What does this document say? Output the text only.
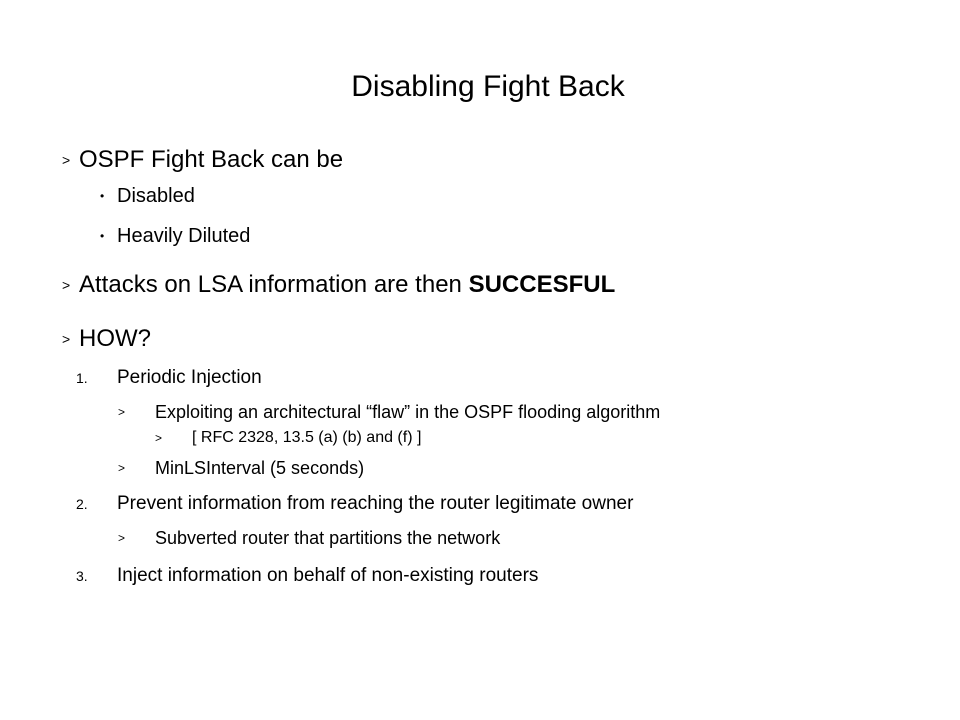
Disabling Fight Back
> OSPF Fight Back can be
• Disabled
• Heavily Diluted
> Attacks on LSA information are then SUCCESFUL
> HOW?
1. Periodic Injection
> Exploiting an architectural “flaw” in the OSPF flooding algorithm
> [ RFC 2328, 13.5 (a) (b) and (f) ]
> MinLSInterval (5 seconds)
2. Prevent information from reaching the router legitimate owner
> Subverted router that partitions the network
3. Inject information on behalf of non-existing routers
